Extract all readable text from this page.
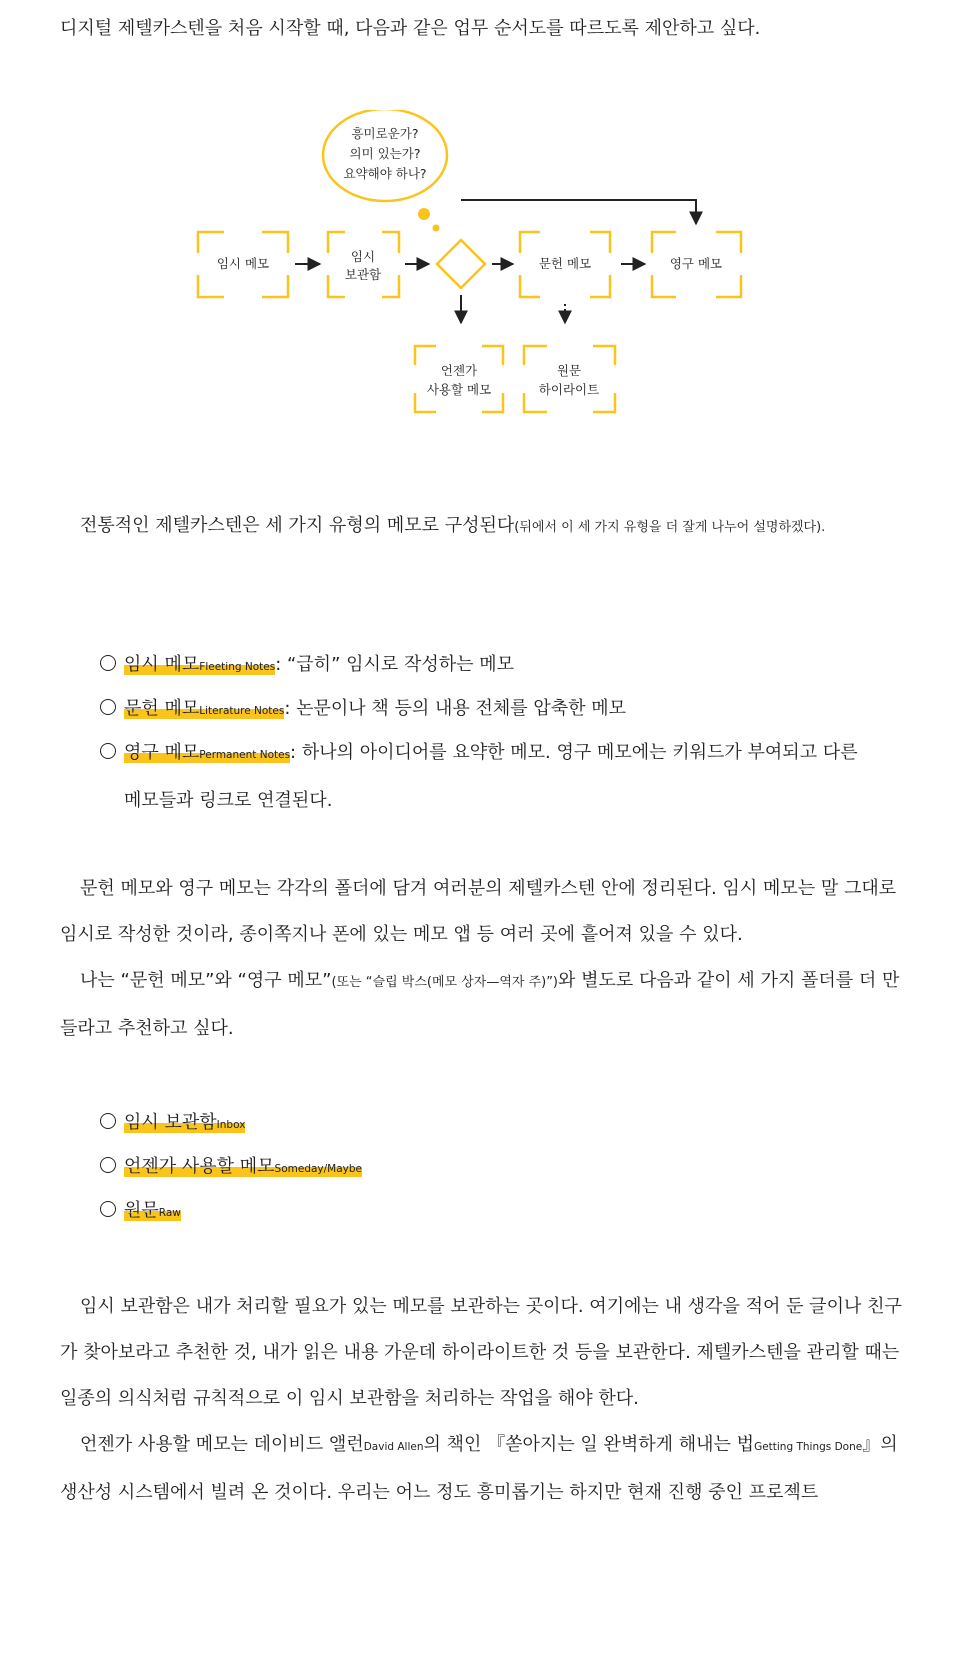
디지털 제텔카스텐을 처음 시작할 때, 다음과 같은 업무 순서도를 따르도록 제안하고 싶다.

흥미로운가?
의미 있는가?
요약해야 하나?
임시 메모	임시
보관함
문헌 메모	영구 메모
언젠가
사용할 메모
원문
하이라이트

전통적인 제텔카스텐은 세 가지 유형의 메모로 구성된다(뒤에서 이 세 가지 유형을 더 잘게 나누어 설명하겠다).

임시 메모Fleeting Notes: “급히” 임시로 작성하는 메모

문헌 메모Literature Notes: 논문이나 책 등의 내용 전체를 압축한 메모

영구 메모Permanent Notes: 하나의 아이디어를 요약한 메모. 영구 메모에는 키워드가 부여되고 다른
메모들과 링크로 연결된다.

문헌 메모와 영구 메모는 각각의 폴더에 담겨 여러분의 제텔카스텐 안에 정리된다. 임시 메모는 말 그대로 임시로 작성한 것이라, 종이쪽지나 폰에 있는 메모 앱 등 여러 곳에 흩어져 있을 수 있다.

나는 “문헌 메모”와 “영구 메모”(또는 “슬립 박스(메모 상자—역자 주)”)와 별도로 다음과 같이 세 가지 폴더를 더 만들라고 추천하고 싶다.

임시 보관함Inbox

언젠가 사용할 메모Someday/Maybe

원문Raw

임시 보관함은 내가 처리할 필요가 있는 메모를 보관하는 곳이다. 여기에는 내 생각을 적어 둔 글이나 친구가 찾아보라고 추천한 것, 내가 읽은 내용 가운데 하이라이트한 것 등을 보관한다. 제텔카스텐을 관리할 때는 일종의 의식처럼 규칙적으로 이 임시 보관함을 처리하는 작업을 해야 한다.

언젠가 사용할 메모는 데이비드 앨런David Allen의 책인 『쏟아지는 일 완벽하게 해내는 법Getting Things Done』의 생산성 시스템에서 빌려 온 것이다. 우리는 어느 정도 흥미롭기는 하지만 현재 진행 중인 프로젝트
